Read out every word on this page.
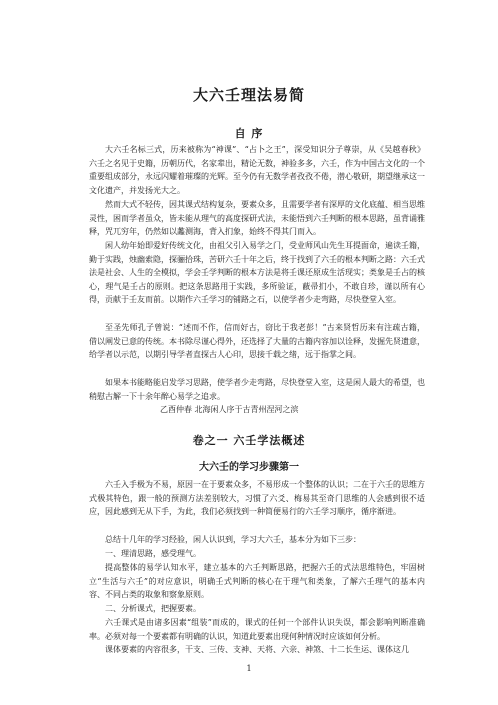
大六壬理法易简
自 序

大六壬名标三式，历来被称为“神课”、“占卜之王”，深受知识分子尊崇，从《吴越春秋》六壬之名见于史籍，历朝历代，名家辈出，精论无数，神验多多，六壬，作为中国古文化的一个重要组成部分，永远闪耀着璀璨的光辉。至今仍有无数学者孜孜不倦，潜心敬研，期望继承这一文化遗产，并发扬光大之。

然而大式不轻传，因其课式结构复杂，要素众多，且需要学者有深厚的文化底蕴、相当思维灵性，困而学者虽众，皆未能从理气的高度探研式法，未能悟到六壬判断的根本思路，虽背诵雅释，咒兀穷年，仍然如以蠡测海，背入扪象，始终不得其门而入。

闲人幼年始即爱好传统文化，由祖父引入易学之门，受业师风山先生耳提面命，遍读壬籍，勤于实践，烛幽索隐，探骊拾珠，苦研六壬十年之后，终于找到了六壬的根本判断之路：六壬式法是社会、人生的全模拟，学会壬学判断的根本方法是将壬课还原成生活现实；类象是壬占的核心，理气是壬占的原则。把这条思路用于实践，多所验证，蔽帚扪小，不敢自珍，谨以所有心得，贡献于壬友而前。以期作六壬学习的铺路之石，以使学者少走弯路，尽快登堂入室。

至圣先师孔子曾说：“述而不作，信而好古，窃比于我老彭！”古来贤哲历来有注疏古籍，借以阐发已意的传统。本书除尽谨心得外，还选择了大量的古籍内容加以诠释，发掘先贤遗意，给学者以示范，以期引导学者直探古人心印，思接千载之绪，远于指掌之间。

如果本书能略能启发学习思路，使学者少走弯路，尽快登堂入室，这是闲人最大的希望，也稍慰古解一下十余年醉心易学之追求。

乙酉仲春 北海闲人序于古青州涅河之滨
卷之一 六壬学法概述
大六壬的学习步骤第一

六壬入手极为不易，原因一在于要素众多，不易形成一个整体的认识；二在于六壬的思维方式极其特色，跟一般的预测方法差别较大，习惯了六爻、梅易其至奇门思维的人会感到很不适应，因此感到无从下手，为此，我们必须找到一种简便易行的六壬学习顺序，循序渐进。

总结十几年的学习经验，闲人认识到，学习大六壬，基本分为如下三步：

一、理清思路，感受理气。

提高整体的易学认知水平，建立基本的六壬判断思路，把握六壬的式法思维特色，牢固树立“生活与六壬”的对应意识，明确壬式判断的核心在于理气和类象，了解六壬理气的基本内容、不同占类的取象和察象原则。

二、分析课式，把握要素。

六壬课式是由诸多因素“组装”而成的，课式的任何一个部件认识失误，都会影响判断准确率。必须对每一个要素都有明确的认识，知道此要素出现何种情况时应该如何分析。

课体要素的内容很多，干支、三传、支神、天将、六亲、神煞、十二长生运、课体这几

1
